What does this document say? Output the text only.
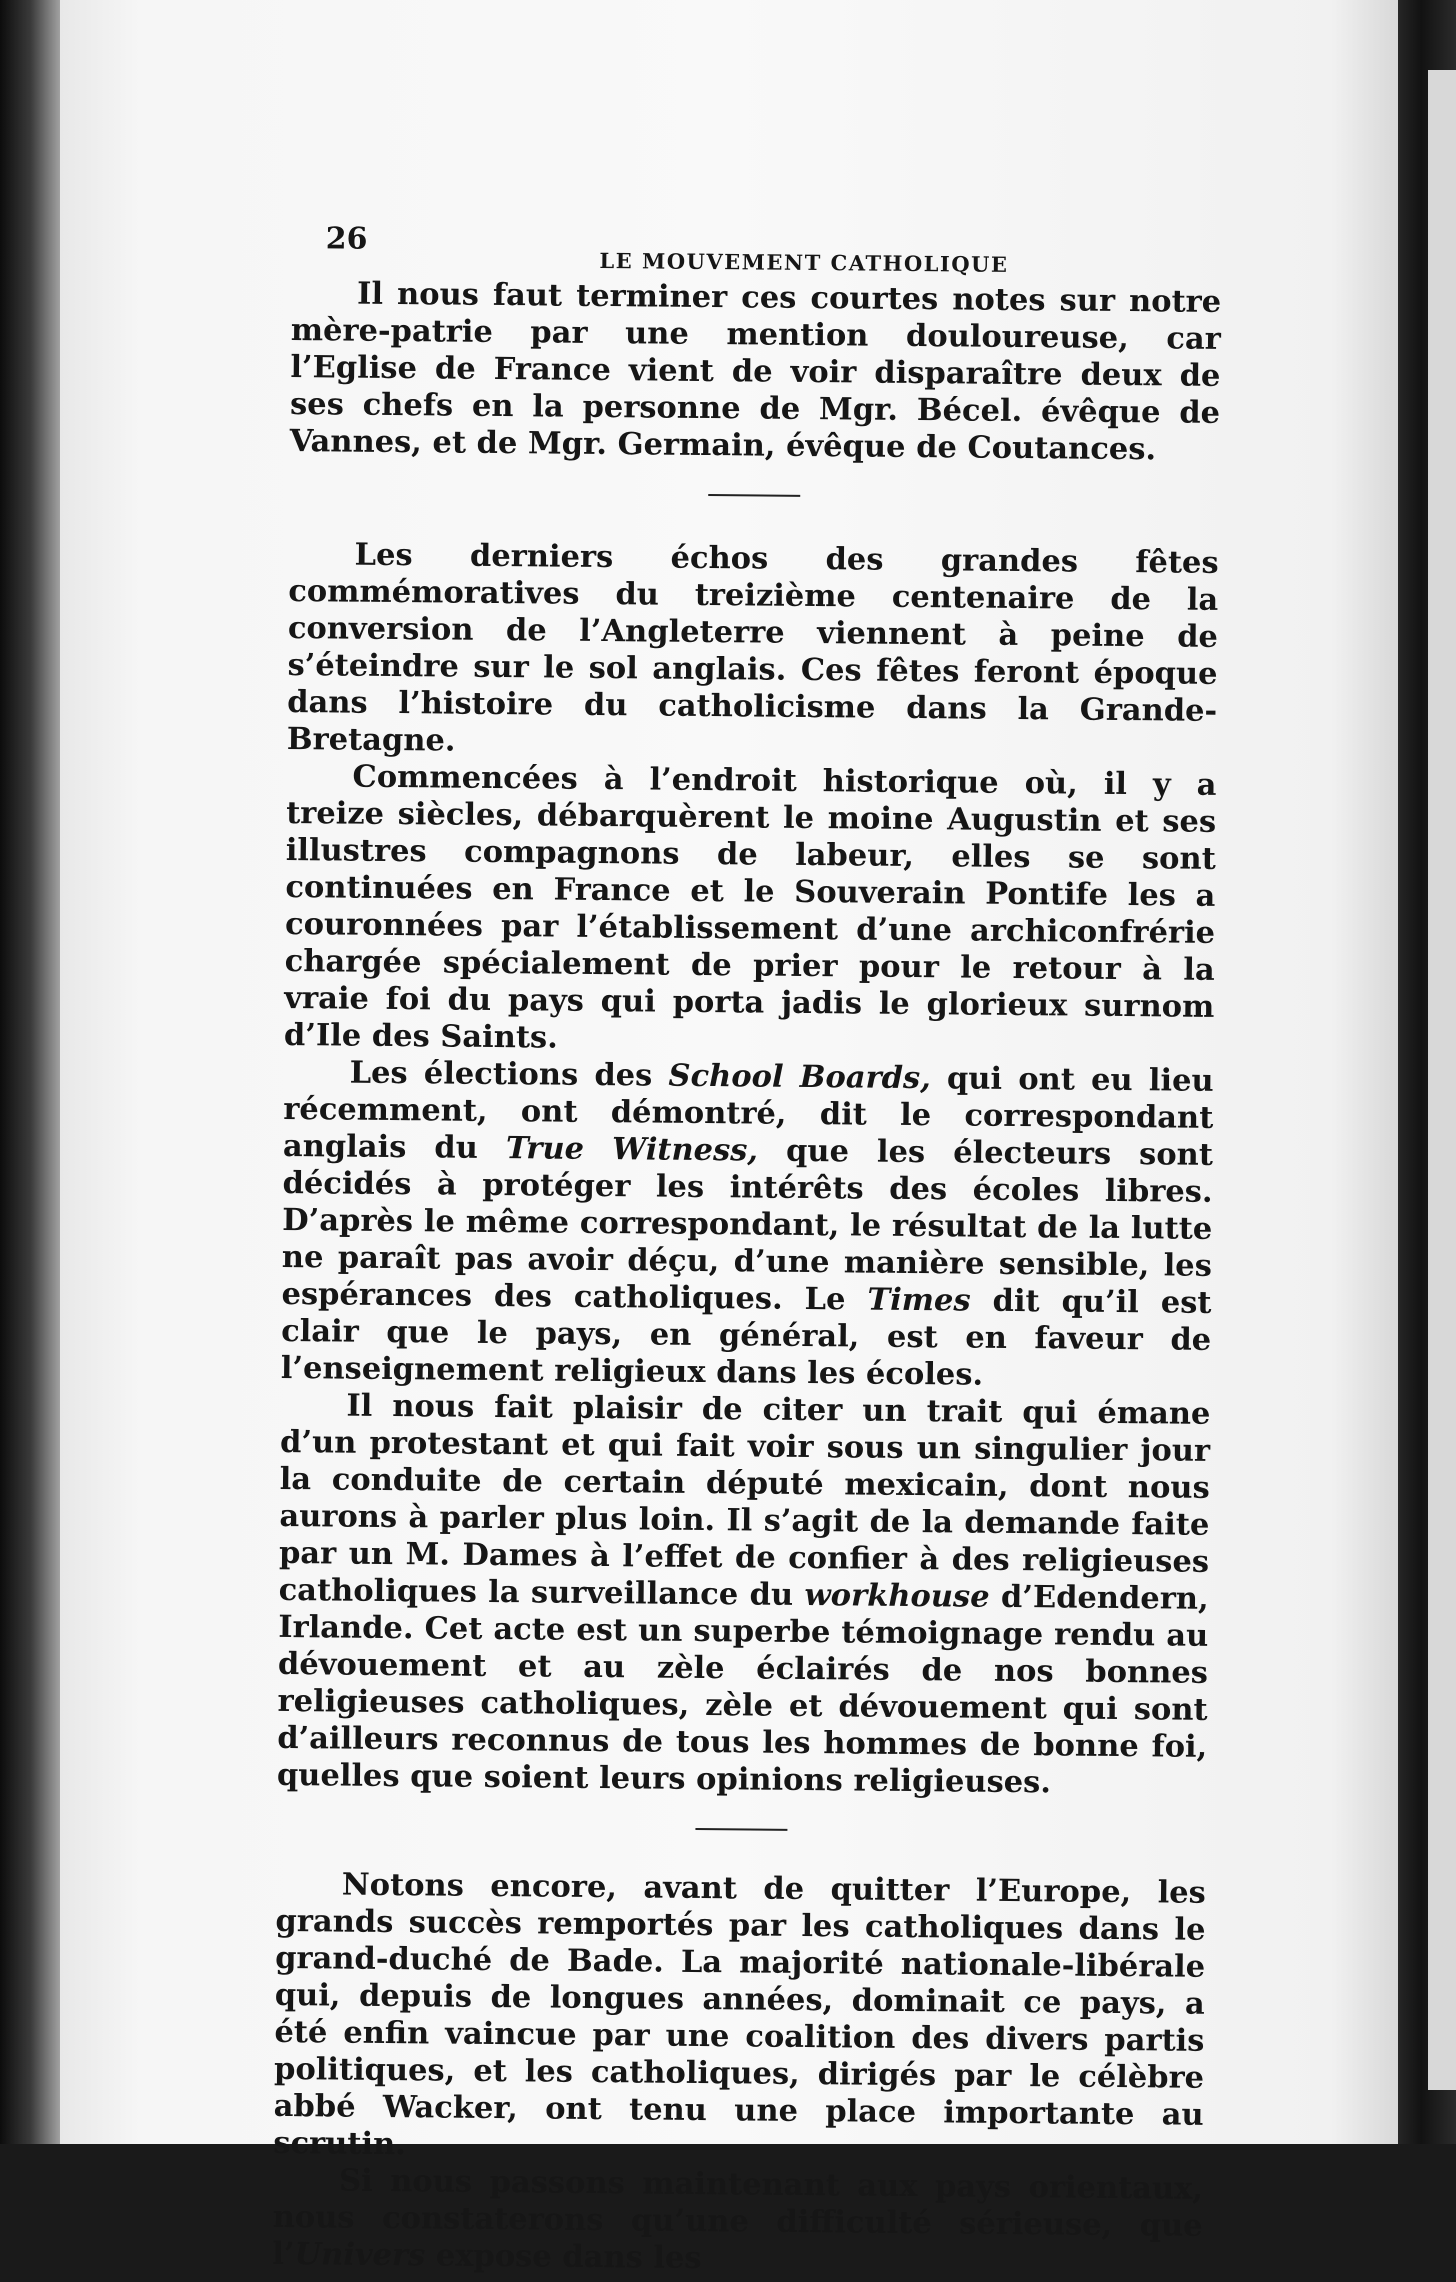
26
LE MOUVEMENT CATHOLIQUE

Il nous faut terminer ces courtes notes sur notre mère-patrie par une mention douloureuse, car l’Eglise de France vient de voir disparaître deux de ses chefs en la personne de Mgr. Bécel. évêque de Vannes, et de Mgr. Germain, évêque de Coutances.

Les derniers échos des grandes fêtes commémoratives du treizième centenaire de la conversion de l’Angleterre viennent à peine de s’éteindre sur le sol anglais. Ces fêtes feront époque dans l’histoire du catholicisme dans la Grande-Bretagne.

Commencées à l’endroit historique où, il y a treize siècles, débarquèrent le moine Augustin et ses illustres compagnons de labeur, elles se sont continuées en France et le Souverain Pontife les a couronnées par l’établissement d’une archiconfrérie chargée spécialement de prier pour le retour à la vraie foi du pays qui porta jadis le glorieux surnom d’Ile des Saints.

Les élections des School Boards, qui ont eu lieu récemment, ont démontré, dit le correspondant anglais du True Witness, que les électeurs sont décidés à protéger les intérêts des écoles libres. D’après le même correspondant, le résultat de la lutte ne paraît pas avoir déçu, d’une manière sensible, les espérances des catholiques. Le Times dit qu’il est clair que le pays, en général, est en faveur de l’enseignement religieux dans les écoles.

Il nous fait plaisir de citer un trait qui émane d’un protestant et qui fait voir sous un singulier jour la conduite de certain député mexicain, dont nous aurons à parler plus loin. Il s’agit de la demande faite par un M. Dames à l’effet de confier à des religieuses catholiques la surveillance du workhouse d’Edendern, Irlande. Cet acte est un superbe témoignage rendu au dévouement et au zèle éclairés de nos bonnes religieuses catholiques, zèle et dévouement qui sont d’ailleurs reconnus de tous les hommes de bonne foi, quelles que soient leurs opinions religieuses.

Notons encore, avant de quitter l’Europe, les grands succès remportés par les catholiques dans le grand-duché de Bade. La majorité nationale-libérale qui, depuis de longues années, dominait ce pays, a été enfin vaincue par une coalition des divers partis politiques, et les catholiques, dirigés par le célèbre abbé Wacker, ont tenu une place importante au scrutin.

Si nous passons maintenant aux pays orientaux, nous constaterons qu’une difficulté sérieuse, que l’Univers expose dans les
